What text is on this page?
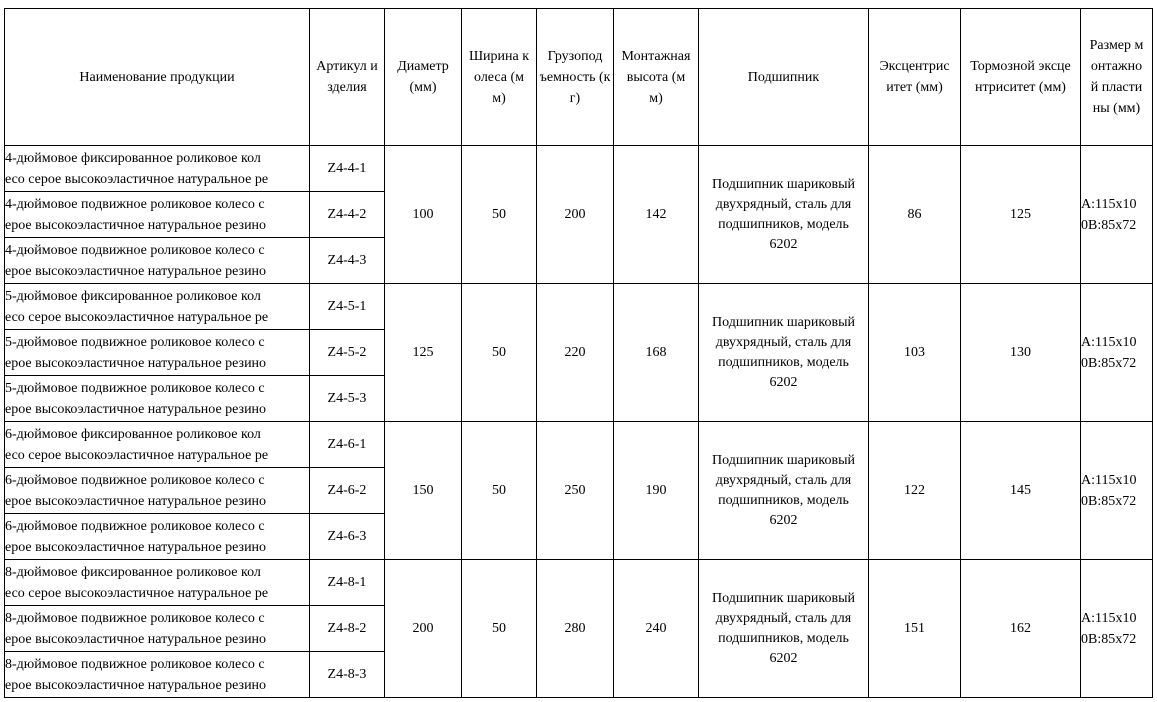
Наименование продукции	Артикул и
зделия	Диаметр
(мм)	Ширина к
олеса (м
м)	Грузопод
ъемность (к
г)	Монтажная
высота (м
м)	Подшипник	Эксцентрис
итет (мм)	Тормозной эксце
нтриситет (мм)	Размер м
онтажно
й пласти
ны (мм)

4-дюймовое фиксированное роликовое кол
есо серое высокоэластичное натуральное ре	Z4-4-1	100	50	200	142	Подшипник шариковый
двухрядный, сталь для
подшипников, модель
6202	86	125	A:115x10
0B:85x72

4-дюймовое подвижное роликовое колесо с
ерое высокоэластичное натуральное резино	Z4-4-2								

4-дюймовое подвижное роликовое колесо с
ерое высокоэластичное натуральное резино	Z4-4-3								

5-дюймовое фиксированное роликовое кол
есо серое высокоэластичное натуральное ре	Z4-5-1	125	50	220	168	Подшипник шариковый
двухрядный, сталь для
подшипников, модель
6202	103	130	A:115x10
0B:85x72

5-дюймовое подвижное роликовое колесо с
ерое высокоэластичное натуральное резино	Z4-5-2								

5-дюймовое подвижное роликовое колесо с
ерое высокоэластичное натуральное резино	Z4-5-3								

6-дюймовое фиксированное роликовое кол
есо серое высокоэластичное натуральное ре	Z4-6-1	150	50	250	190	Подшипник шариковый
двухрядный, сталь для
подшипников, модель
6202	122	145	A:115x10
0B:85x72

6-дюймовое подвижное роликовое колесо с
ерое высокоэластичное натуральное резино	Z4-6-2								

6-дюймовое подвижное роликовое колесо с
ерое высокоэластичное натуральное резино	Z4-6-3								

8-дюймовое фиксированное роликовое кол
есо серое высокоэластичное натуральное ре	Z4-8-1	200	50	280	240	Подшипник шариковый
двухрядный, сталь для
подшипников, модель
6202	151	162	A:115x10
0B:85x72

8-дюймовое подвижное роликовое колесо с
ерое высокоэластичное натуральное резино	Z4-8-2								

8-дюймовое подвижное роликовое колесо с
ерое высокоэластичное натуральное резино	Z4-8-3								
